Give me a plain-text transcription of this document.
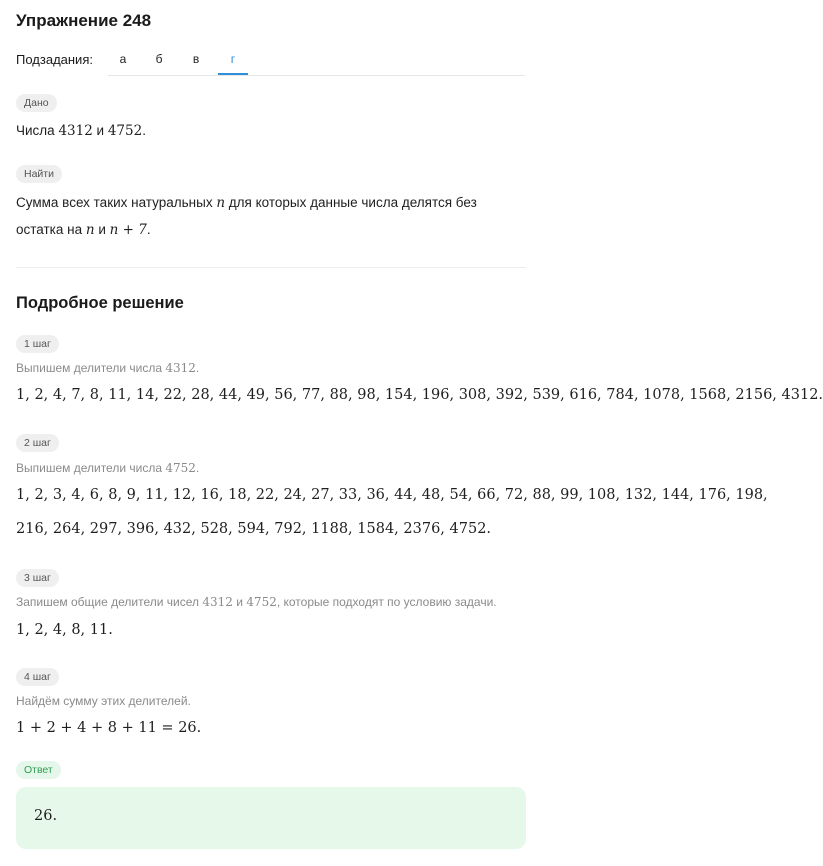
Упражнение 248
Подзадания:	а	б	в	г
Дано
Числа 4312 и 4752.
Найти
Сумма всех таких натуральных n для которых данные числа делятся без
остатка на n и n + 7.
Подробное решение
1 шаг
Выпишем делители числа 4312.
1, 2, 4, 7, 8, 11, 14, 22, 28, 44, 49, 56, 77, 88, 98, 154, 196, 308, 392, 539, 616, 784, 1078, 1568, 2156, 4312.
2 шаг
Выпишем делители числа 4752.
1, 2, 3, 4, 6, 8, 9, 11, 12, 16, 18, 22, 24, 27, 33, 36, 44, 48, 54, 66, 72, 88, 99, 108, 132, 144, 176, 198,
216, 264, 297, 396, 432, 528, 594, 792, 1188, 1584, 2376, 4752.
3 шаг
Запишем общие делители чисел 4312 и 4752, которые подходят по условию задачи.
1, 2, 4, 8, 11.
4 шаг
Найдём сумму этих делителей.
1 + 2 + 4 + 8 + 11 = 26.
Ответ
26.
